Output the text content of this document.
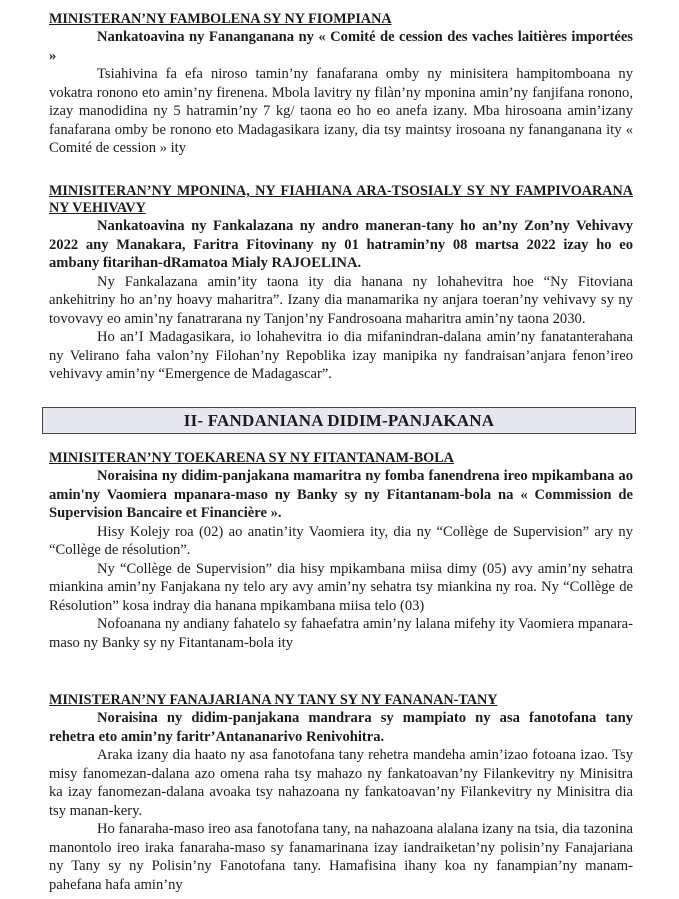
MINISTERAN’NY FAMBOLENA SY NY FIOMPIANA

Nankatoavina ny Fananganana ny « Comité de cession des vaches laitières importées »

Tsiahivina fa efa niroso tamin’ny fanafarana omby ny minisitera hampitomboana ny vokatra ronono eto amin’ny firenena. Mbola lavitry ny filàn’ny mponina amin’ny fanjifana ronono, izay manodidina ny 5 hatramin’ny 7 kg/ taona eo ho eo anefa izany. Mba hirosoana amin’izany fanafarana omby be ronono eto Madagasikara izany, dia tsy maintsy irosoana ny fananganana ity « Comité de cession » ity

MINISITERAN’NY MPONINA, NY FIAHIANA ARA-TSOSIALY SY NY FAMPIVOARANA NY VEHIVAVY

Nankatoavina ny Fankalazana ny andro maneran-tany ho an’ny Zon’ny Vehivavy 2022 any Manakara, Faritra Fitovinany ny 01 hatramin’ny 08 martsa 2022 izay ho eo ambany fitarihan-dRamatoa Mialy RAJOELINA.

Ny Fankalazana amin’ity taona ity dia hanana ny lohahevitra hoe “Ny Fitoviana ankehitriny ho an’ny hoavy maharitra”. Izany dia manamarika ny anjara toeran’ny vehivavy sy ny tovovavy eo amin’ny fanatrarana ny Tanjon’ny Fandrosoana maharitra amin’ny taona 2030.

Ho an’I Madagasikara, io lohahevitra io dia mifanindran-dalana amin’ny fanatanterahana ny Velirano faha valon’ny Filohan’ny Repoblika izay manipika ny fandraisan’anjara fenon’ireo vehivavy amin’ny “Emergence de Madagascar”.

II- FANDANIANA DIDIM-PANJAKANA

MINISITERAN’NY TOEKARENA SY NY FITANTANAM-BOLA

Noraisina ny didim-panjakana mamaritra ny fomba fanendrena ireo mpikambana ao amin'ny Vaomiera mpanara-maso ny Banky sy ny Fitantanam-bola na « Commission de Supervision Bancaire et Financière ».

Hisy Kolejy roa (02) ao anatin’ity Vaomiera ity, dia ny “Collège de Supervision” ary ny “Collège de résolution”.

Ny “Collège de Supervision” dia hisy mpikambana miisa dimy (05) avy amin’ny sehatra miankina amin’ny Fanjakana ny telo ary avy amin’ny sehatra tsy miankina ny roa. Ny “Collège de Résolution” kosa indray dia hanana mpikambana miisa telo (03)

Nofoanana ny andiany fahatelo sy fahaefatra amin’ny lalana mifehy ity Vaomiera mpanara-maso ny Banky sy ny Fitantanam-bola ity

MINISTERAN’NY FANAJARIANA NY TANY SY NY FANANAN-TANY

Noraisina ny didim-panjakana mandrara sy mampiato ny asa fanotofana tany rehetra eto amin’ny faritr’Antananarivo Renivohitra.

Araka izany dia haato ny asa fanotofana tany rehetra mandeha amin’izao fotoana izao. Tsy misy fanomezan-dalana azo omena raha tsy mahazo ny fankatoavan’ny Filankevitry ny Minisitra ka izay fanomezan-dalana avoaka tsy nahazoana ny fankatoavan’ny Filankevitry ny Minisitra dia tsy manan-kery.

Ho fanaraha-maso ireo asa fanotofana tany, na nahazoana alalana izany na tsia, dia tazonina manontolo ireo iraka fanaraha-maso sy fanamarinana izay iandraiketan’ny polisin’ny Fanajariana ny Tany sy ny Polisin’ny Fanotofana tany. Hamafisina ihany koa ny fanampian’ny manam-pahefana hafa amin’ny
